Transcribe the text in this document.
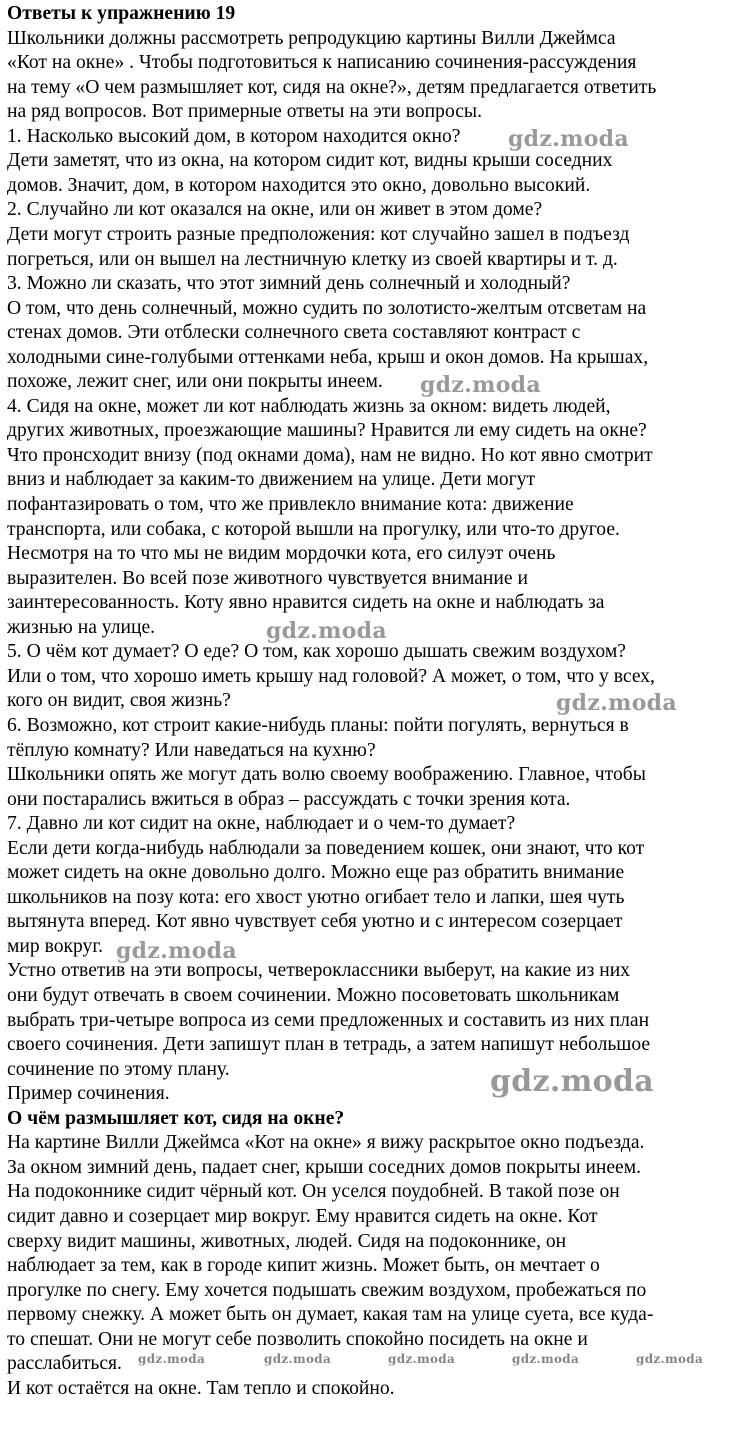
Ответы к упражнению 19
Школьники должны рассмотреть репродукцию картины Вилли Джеймса
«Кот на окне» . Чтобы подготовиться к написанию сочинения-рассуждения
на тему «О чем размышляет кот, сидя на окне?», детям предлагается ответить
на ряд вопросов. Вот примерные ответы на эти вопросы.
1. Насколько высокий дом, в котором находится окно?
Дети заметят, что из окна, на котором сидит кот, видны крыши соседних
домов. Значит, дом, в котором находится это окно, довольно высокий.
2. Случайно ли кот оказался на окне, или он живет в этом доме?
Дети могут строить разные предположения: кот случайно зашел в подъезд
погреться, или он вышел на лестничную клетку из своей квартиры и т. д.
3. Можно ли сказать, что этот зимний день солнечный и холодный?
О том, что день солнечный, можно судить по золотисто-желтым отсветам на
стенах домов. Эти отблески солнечного света составляют контраст с
холодными сине-голубыми оттенками неба, крыш и окон домов. На крышах,
похоже, лежит снег, или они покрыты инеем.
4. Сидя на окне, может ли кот наблюдать жизнь за окном: видеть людей,
других животных, проезжающие машины? Нравится ли ему сидеть на окне?
Что пронсходит внизу (под окнами дома), нам не видно. Но кот явно смотрит
вниз и наблюдает за каким-то движением на улице. Дети могут
пофантазировать о том, что же привлекло внимание кота: движение
транспорта, или собака, с которой вышли на прогулку, или что-то другое.
Несмотря на то что мы не видим мордочки кота, его силуэт очень
выразителен. Во всей позе животного чувствуется внимание и
заинтересованность. Коту явно нравится сидеть на окне и наблюдать за
жизнью на улице.
5. О чём кот думает? О еде? О том, как хорошо дышать свежим воздухом?
Или о том, что хорошо иметь крышу над головой? А может, о том, что у всех,
кого он видит, своя жизнь?
6. Возможно, кот строит какие-нибудь планы: пойти погулять, вернуться в
тёплую комнату? Или наведаться на кухню?
Школьники опять же могут дать волю своему воображению. Главное, чтобы
они постарались вжиться в образ – рассуждать с точки зрения кота.
7. Давно ли кот сидит на окне, наблюдает и о чем-то думает?
Если дети когда-нибудь наблюдали за поведением кошек, они знают, что кот
может сидеть на окне довольно долго. Можно еще раз обратить внимание
школьников на позу кота: его хвост уютно огибает тело и лапки, шея чуть
вытянута вперед. Кот явно чувствует себя уютно и с интересом созерцает
мир вокруг.
Устно ответив на эти вопросы, четвероклассники выберут, на какие из них
они будут отвечать в своем сочинении. Можно посоветовать школьникам
выбрать три-четыре вопроса из семи предложенных и составить из них план
своего сочинения. Дети запишут план в тетрадь, а затем напишут небольшое
сочинение по этому плану.
Пример сочинения.
О чём размышляет кот, сидя на окне?
На картине Вилли Джеймса «Кот на окне» я вижу раскрытое окно подъезда.
За окном зимний день, падает снег, крыши соседних домов покрыты инеем.
На подоконнике сидит чёрный кот. Он уселся поудобней. В такой позе он
сидит давно и созерцает мир вокруг. Ему нравится сидеть на окне. Кот
сверху видит машины, животных, людей. Сидя на подоконнике, он
наблюдает за тем, как в городе кипит жизнь. Может быть, он мечтает о
прогулке по снегу. Ему хочется подышать свежим воздухом, пробежаться по
первому снежку. А может быть он думает, какая там на улице суета, все куда-
то спешат. Они не могут себе позволить спокойно посидеть на окне и
расслабиться.
И кот остаётся на окне. Там тепло и спокойно.
gdz.moda
gdz.moda
gdz.moda
gdz.moda
gdz.moda
gdz.moda
gdz.moda	gdz.moda	gdz.moda	gdz.moda	gdz.moda
